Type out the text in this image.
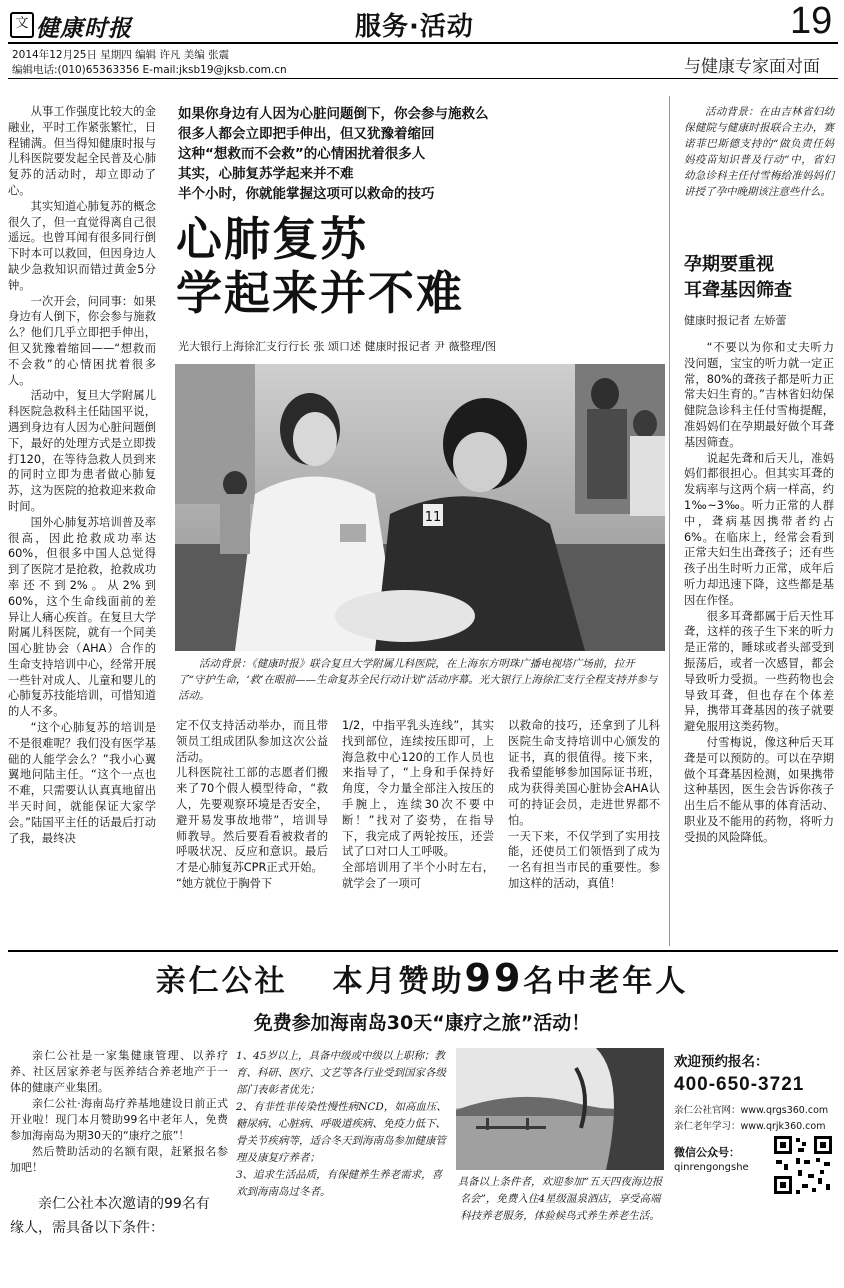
文 健康时报	服务·活动	19
2014年12月25日 星期四 编辑 许凡 美编 张震
编辑电话:(010)65363356 E-mail:jksb19@jksb.com.cn	与健康专家面对面

从事工作强度比较大的金融业，平时工作紧张繁忙，日程铺满。但当得知健康时报与儿科医院要发起全民普及心肺复苏的活动时，却立即动了心。

其实知道心肺复苏的概念很久了，但一直觉得离自己很遥远。也曾耳闻有很多同行倒下时本可以救回，但因身边人缺少急救知识而错过黄金5分钟。

一次开会，问同事：如果身边有人倒下，你会参与施救么？他们几乎立即把手伸出，但又犹豫着缩回——“想救而不会救”的心情困扰着很多人。

活动中，复旦大学附属儿科医院急救科主任陆国平说，遇到身边有人因为心脏问题倒下，最好的处理方式是立即拨打120，在等待急救人员到来的同时立即为患者做心肺复苏，这为医院的抢救迎来救命时间。

国外心肺复苏培训普及率很高，因此抢救成功率达60%，但很多中国人总觉得到了医院才是抢救，抢救成功率还不到2%。从2%到60%，这个生命线面前的差异让人痛心疾首。在复旦大学附属儿科医院，就有一个同美国心脏协会（AHA）合作的生命支持培训中心，经常开展一些针对成人、儿童和婴儿的心肺复苏技能培训，可惜知道的人不多。

“这个心肺复苏的培训是不是很难呢？我们没有医学基础的人能学会么？”我小心翼翼地问陆主任。“这个一点也不难，只需要认认真真地留出半天时间，就能保证大家学会。”陆国平主任的话最后打动了我，最终决

如果你身边有人因为心脏问题倒下，你会参与施救么
很多人都会立即把手伸出，但又犹豫着缩回
这种“想救而不会救”的心情困扰着很多人
其实，心肺复苏学起来并不难
半个小时，你就能掌握这项可以救命的技巧
心肺复苏
学起来并不难
光大银行上海徐汇支行行长 张 颂口述 健康时报记者 尹 薇整理/图
11
活动背景：《健康时报》联合复旦大学附属儿科医院，在上海东方明珠广播电视塔广场前，拉开了“守护生命，‘救’在眼前——生命复苏全民行动计划”活动序幕。光大银行上海徐汇支行全程支持并参与活动。
定不仅支持活动举办，而且带领员工组成团队参加这次公益活动。
儿科医院社工部的志愿者们搬来了70个假人模型待命，“救人，先要观察环境是否安全，避开易发事故地带”，培训导师教导。然后要看看被救者的呼吸状况、反应和意识。最后才是心肺复苏CPR正式开始。
“她方就位于胸骨下
1/2，中指平乳头连线”，其实找到部位，连续按压即可，上海急救中心120的工作人员也来指导了，“上身和手保持好角度，令力量全部注入按压的手腕上，连续30次不要中断！”找对了姿势，在指导下，我完成了两轮按压，还尝试了口对口人工呼吸。
全部培训用了半个小时左右，就学会了一项可
以救命的技巧，还拿到了儿科医院生命支持培训中心颁发的证书，真的很值得。接下来，我希望能够参加国际证书班，成为获得美国心脏协会AHA认可的持证会员，走进世界都不怕。
一天下来，不仅学到了实用技能，还使员工们领悟到了成为一名有担当市民的重要性。参加这样的活动，真值！
活动背景：在由吉林省妇幼保健院与健康时报联合主办，赛诺菲巴斯德支持的“做负责任妈妈疫苗知识普及行动”中，省妇幼急诊科主任付雪梅给准妈妈们讲授了孕中晚期该注意些什么。
孕期要重视
耳聋基因筛查
健康时报记者 左娇蕾

“不要以为你和丈夫听力没问题，宝宝的听力就一定正常，80%的聋孩子都是听力正常夫妇生育的。”吉林省妇幼保健院急诊科主任付雪梅提醒，准妈妈们在孕期最好做个耳聋基因筛查。

说起先聋和后天儿，准妈妈们都很担心。但其实耳聋的发病率与这两个病一样高，约1‰~3‰。听力正常的人群中，聋病基因携带者约占6%。在临床上，经常会看到正常夫妇生出聋孩子；还有些孩子出生时听力正常，成年后听力却迅速下降，这些都是基因在作怪。

很多耳聋都属于后天性耳聋，这样的孩子生下来的听力是正常的，睡球或者头部受到振荡后，或者一次感冒，都会导致听力受损。一些药物也会导致耳聋，但也存在个体差异，携带耳聋基因的孩子就要避免服用这类药物。

付雪梅说，像这种后天耳聋是可以预防的。可以在孕期做个耳聋基因检测，如果携带这种基因，医生会告诉你孩子出生后不能从事的体育活动、职业及不能用的药物，将听力受损的风险降低。

亲仁公社 本月赞助99名中老年人
免费参加海南岛30天“康疗之旅”活动！

亲仁公社是一家集健康管理、以养疗养、社区居家养老与医养结合养老地产于一体的健康产业集团。

亲仁公社·海南岛疗养基地建设日前正式开业啦！现门本月赞助99名中老年人，免费参加海南岛为期30天的“康疗之旅”！

然后赞助活动的名额有限，赶紧报名参加吧！

亲仁公社本次邀请的99名有缘人，需具备以下条件：

1、45岁以上，具备中级或中级以上职称；教育、科研、医疗、文艺等各行业受到国家各级部门表彰者优先；

2、有非性非传染性慢性病NCD，如高血压、糖尿病、心脏病、呼吸道疾病、免疫力低下、骨关节疾病等，适合冬天到海南岛参加健康管理及康复疗养者；

3、追求生活品质，有保健养生养老需求，喜欢到海南岛过冬者。

具备以上条件者，欢迎参加“五天四夜海边报名会”，免费入住4星级温泉酒店，享受高端科技养老服务，体验候鸟式养生养老生活。
欢迎预约报名：
400-650-3721
亲仁公社官网：www.qrgs360.com
亲仁老年学习：www.qrjk360.com
微信公众号：
qinrengongshe
